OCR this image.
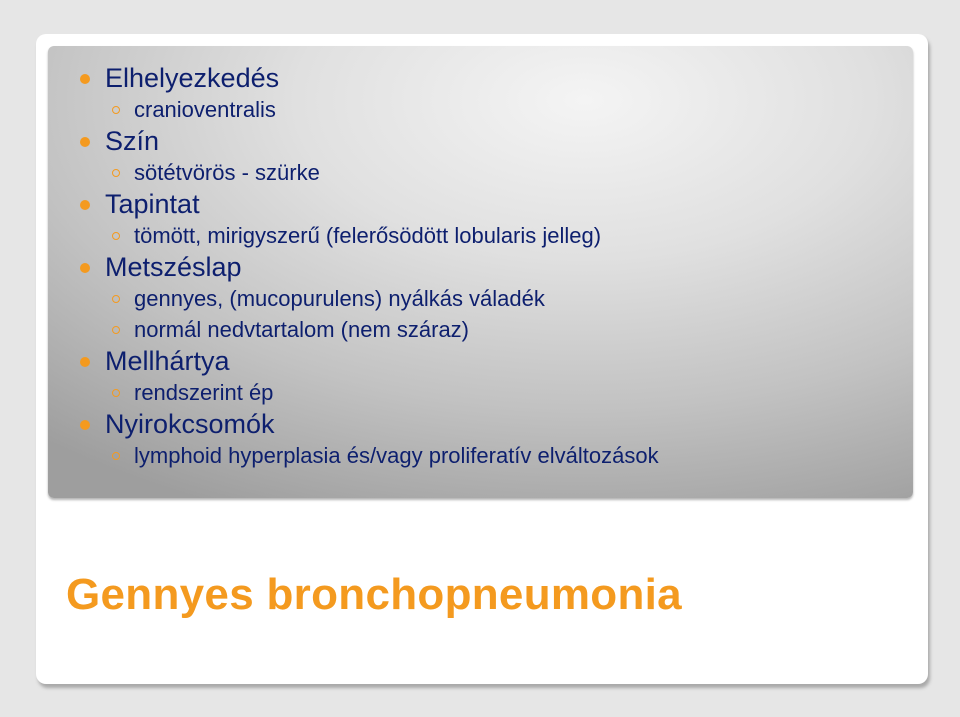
Elhelyezkedés
cranioventralis
Szín
sötétvörös - szürke
Tapintat
tömött, mirigyszerű (felerősödött lobularis jelleg)
Metszéslap
gennyes, (mucopurulens) nyálkás váladék
normál nedvtartalom (nem száraz)
Mellhártya
rendszerint ép
Nyirokcsomók
lymphoid hyperplasia és/vagy proliferatív elváltozások
Gennyes bronchopneumonia
